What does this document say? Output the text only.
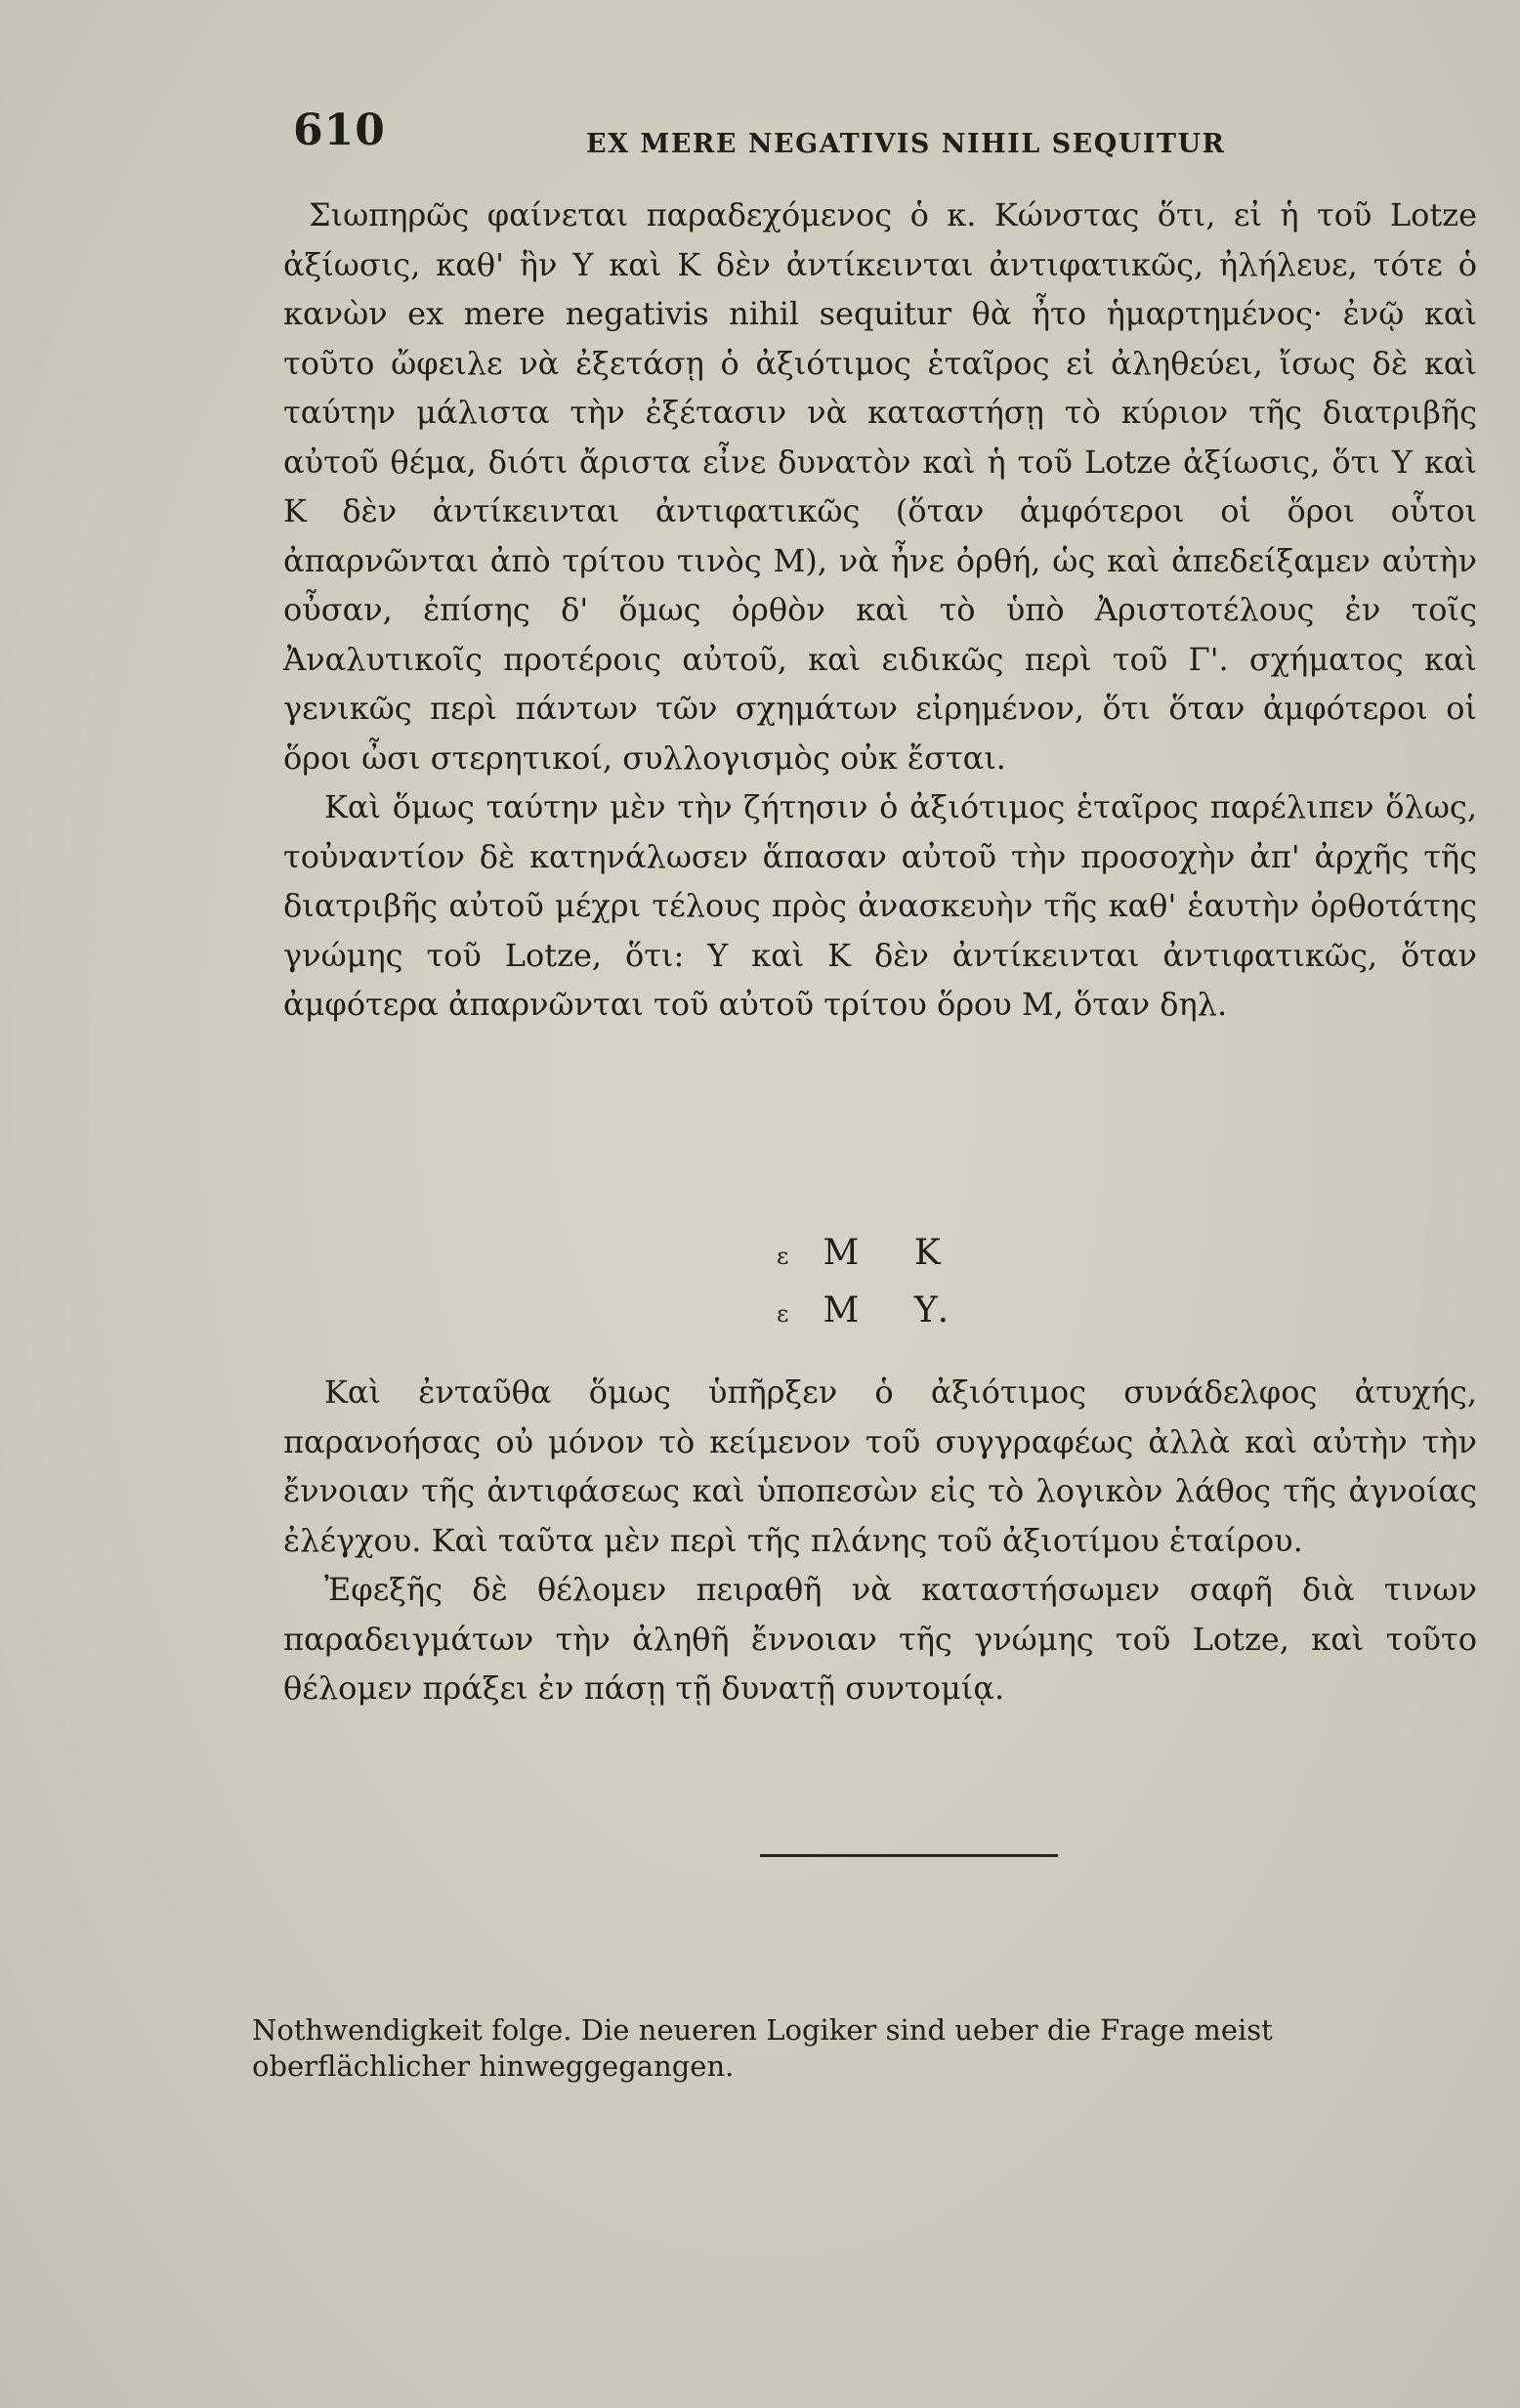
610	EX MERE NEGATIVIS NIHIL SEQUITUR

Σιωπηρῶς φαίνεται παραδεχόμενος ὁ κ. Κώνστας ὅτι, εἰ ἡ τοῦ Lotze ἀξίωσις, καθ' ἣν Υ καὶ Κ δὲν ἀντίκεινται ἀντιφατικῶς, ἠλήλευε, τότε ὁ κανὼν ex mere negativis nihil sequitur θὰ ἦτο ἡμαρτημένος· ἐνῷ καὶ τοῦτο ὤφειλε νὰ ἐξετάσῃ ὁ ἀξιότιμος ἑταῖρος εἰ ἀληθεύει, ἴσως δὲ καὶ ταύτην μάλιστα τὴν ἐξέτασιν νὰ καταστήσῃ τὸ κύριον τῆς διατριβῆς αὐτοῦ θέμα, διότι ἄριστα εἶνε δυνατὸν καὶ ἡ τοῦ Lotze ἀξίωσις, ὅτι Υ καὶ Κ δὲν ἀντίκεινται ἀντιφατικῶς (ὅταν ἀμφότεροι οἱ ὅροι οὗτοι ἀπαρνῶνται ἀπὸ τρίτου τινὸς Μ), νὰ ἦνε ὀρθή, ὡς καὶ ἀπεδείξαμεν αὐτὴν οὖσαν, ἐπίσης δ' ὅμως ὀρθὸν καὶ τὸ ὑπὸ Ἀριστοτέλους ἐν τοῖς Ἀναλυτικοῖς προτέροις αὐτοῦ, καὶ ειδικῶς περὶ τοῦ Γ'. σχήματος καὶ γενικῶς περὶ πάντων τῶν σχημάτων εἰρημένον, ὅτι ὅταν ἀμφότεροι οἱ ὅροι ὦσι στερητικοί, συλλογισμὸς οὐκ ἔσται.

Καὶ ὅμως ταύτην μὲν τὴν ζήτησιν ὁ ἀξιότιμος ἑταῖρος παρέλιπεν ὅλως, τοὐναντίον δὲ κατηνάλωσεν ἅπασαν αὐτοῦ τὴν προσοχὴν ἀπ' ἀρχῆς τῆς διατριβῆς αὐτοῦ μέχρι τέλους πρὸς ἀνασκευὴν τῆς καθ' ἑαυτὴν ὀρθοτάτης γνώμης τοῦ Lotze, ὅτι: Υ καὶ Κ δὲν ἀντίκεινται ἀντιφατικῶς, ὅταν ἀμφότερα ἀπαρνῶνται τοῦ αὐτοῦ τρίτου ὅρου Μ, ὅταν δηλ.

ε Μ Κ
ε Μ Υ.

Καὶ ἐνταῦθα ὅμως ὑπῆρξεν ὁ ἀξιότιμος συνάδελφος ἀτυχής, παρανοήσας οὐ μόνον τὸ κείμενον τοῦ συγγραφέως ἀλλὰ καὶ αὐτὴν τὴν ἔννοιαν τῆς ἀντιφάσεως καὶ ὑποπεσὼν εἰς τὸ λογικὸν λάθος τῆς ἀγνοίας ἐλέγχου. Καὶ ταῦτα μὲν περὶ τῆς πλάνης τοῦ ἀξιοτίμου ἑταίρου.

Ἐφεξῆς δὲ θέλομεν πειραθῆ νὰ καταστήσωμεν σαφῆ διὰ τινων παραδειγμάτων τὴν ἀληθῆ ἔννοιαν τῆς γνώμης τοῦ Lotze, καὶ τοῦτο θέλομεν πράξει ἐν πάσῃ τῇ δυνατῇ συντομίᾳ.

Nothwendigkeit folge. Die neueren Logiker sind ueber die Frage meist oberflächlicher hinweggegangen.
